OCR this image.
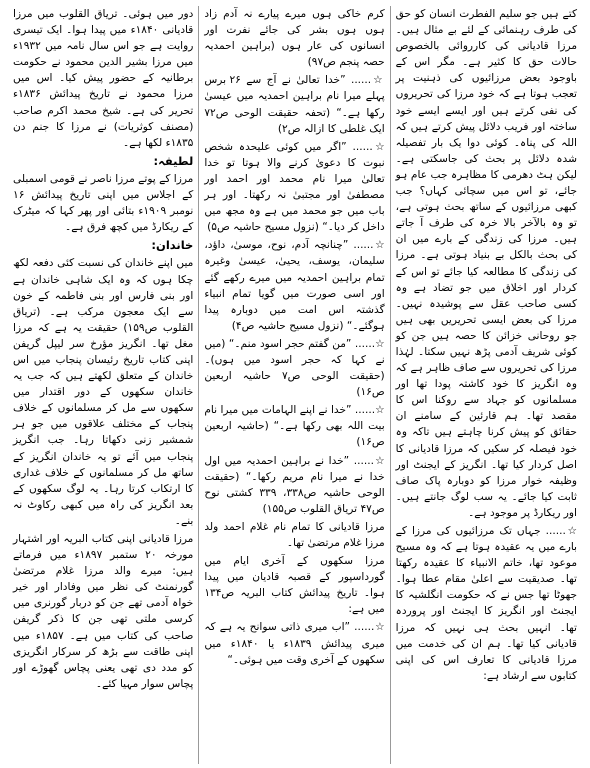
کتے ہیں جو سلیم الفطرت انسان کو حق کی طرف رہنمائی کے لئے بے مثال ہیں۔ مرزا قادیانی کی کارروائی بالخصوص حالات حق کا کثیر ہے۔ مگر اس کے باوجود بعض مرزائیوں کی ذہنیت پر تعجب ہوتا ہے کہ خود مرزا کی تحریروں کی نفی کرتے ہیں اور ایسے ایسے خود ساختہ اور فریب دلائل پیش کرتے ہیں کہ اللہ کی پناہ۔ کوئی دوا یک بار تفصیلہ شدہ دلائل پر بحث کی جاسکتی ہے۔ لیکن ہٹ دھرمی کا مظاہرہ جب عام ہو جائے، تو اس میں سچائی کہاں؟ جب کبھی مرزائیوں کے ساتھ بحث ہوتی ہے، تو وہ بالآخر بالا خرہ کی طرف آ جاتے ہیں۔ مرزا کی زندگی کے بارے میں ان کی بحث بالکل بے بنیاد ہوتی ہے۔ مرزا کی زندگی کا مطالعہ کیا جائے تو اس کے کردار اور اخلاق میں جو تضاد ہے وہ کسی صاحب عقل سے پوشیدہ نہیں۔ مرزا کی بعض ایسی تحریریں بھی ہیں جو روحانی خزائن کا حصہ ہیں جن کو کوئی شریف آدمی پڑھ نہیں سکتا۔ لہٰذا مرزا کی تحریروں سے صاف ظاہر ہے کہ وہ انگریز کا خود کاشتہ پودا تھا اور مسلمانوں کو جہاد سے روکنا اس کا مقصد تھا۔ ہم قارئین کے سامنے ان حقائق کو پیش کرنا چاہتے ہیں تاکہ وہ خود فیصلہ کر سکیں کہ مرزا قادیانی کا اصل کردار کیا تھا۔ انگریز کے ایجنٹ اور وظیفہ خوار مرزا کو دوبارہ پاک صاف ثابت کیا جائے۔ یہ سب لوگ جانتے ہیں۔ اور ریکارڈ پر موجود ہے۔
☆...... جہاں تک مرزائیوں کی مرزا کے بارے میں یہ عقیدہ ہوتا ہے کہ وہ مسیح موعود تھا، خاتم الانبیاء کا عقیدہ رکھتا تھا۔ صدیقیت سے اعلیٰ مقام عطا ہوا۔ جھوٹا تھا جس نے کہ حکومت انگلشیہ کا ایجنٹ اور انگریز کا ایجنٹ اور پروردہ تھا۔ انہیں بحث ہی نہیں کہ مرزا قادیانی کیا تھا۔ ہم ان کی خدمت میں مرزا قادیانی کا تعارف اس کی اپنی کتابوں سے ارشاد ہے:
کرم خاکی ہوں میرے پیارے نہ آدم زاد ہوں ہوں بشر کی جائے نفرت اور انسانوں کی عار ہوں (براہین احمدیہ حصہ پنجم ص۹۷)
☆...... ”خدا تعالیٰ نے آج سے ۲۶ برس پہلے میرا نام براہین احمدیہ میں عیسیٰ رکھا ہے۔“ (تحفہ حقیقت الوحی ص۷۲ ایک غلطی کا ازالہ ص۲)
☆...... ”اگر میں کوئی علیحدہ شخص نبوت کا دعویٰ کرنے والا ہوتا تو خدا تعالیٰ میرا نام محمد اور احمد اور مصطفیٰ اور مجتبیٰ نہ رکھتا۔ اور ہر باب میں جو محمد میں ہے وہ مجھ میں داخل کر دیا۔“ (نزول مسیح حاشیہ ص۵)
☆...... ”چنانچہ آدم، نوح، موسیٰ، داؤد، سلیمان، یوسف، یحییٰ، عیسیٰ وغیرہ تمام براہین احمدیہ میں میرے رکھے گئے اور اسی صورت میں گویا تمام انبیاء گذشتہ اس امت میں دوبارہ پیدا ہوگئے۔“ (نزول مسیح حاشیہ ص۴)
☆...... ”من گفتم حجر اسود منم۔“ (میں نے کہا کہ حجر اسود میں ہوں)۔ (حقیقت الوحی ص۷ حاشیہ اربعین ص۱۶)
☆...... ”خدا نے اپنے الہامات میں میرا نام بیت اللہ بھی رکھا ہے۔“ (حاشیہ اربعین ص۱۶)
☆...... ”خدا نے براہین احمدیہ میں اول خدا نے میرا نام مریم رکھا۔“ (حقیقت الوحی حاشیہ ص۳۳۸، ۳۳۹ کشتی نوح ص۴۷ تریاق القلوب ص۱۵۵)
مرزا قادیانی کا تمام نام غلام احمد ولد مرزا غلام مرتضیٰ تھا۔
مرزا سکھوں کے آخری ایام میں گورداسپور کے قصبہ قادیان میں پیدا ہوا۔ تاریخ پیدائش کتاب البریہ ص۱۳۴ میں ہے:
☆...... ”اب میری ذاتی سوانح یہ ہے کہ میری پیدائش ۱۸۳۹ء یا ۱۸۴۰ء میں سکھوں کے آخری وقت میں ہوئی۔“
دور میں ہوئی۔ تریاق القلوب میں مرزا قادیانی ۱۸۴۰ء میں پیدا ہوا۔ ایک تیسری روایت ہے جو اس سال نامہ میں ۱۹۳۲ء میں مرزا بشیر الدین محمود نے حکومت برطانیہ کے حضور پیش کیا۔ اس میں مرزا محمود نے تاریخ پیدائش ۱۸۳۶ء تحریر کی ہے۔ شیخ محمد اکرم صاحب (مصنف کوثریات) نے مرزا کا جنم دن ۱۸۳۵ء لکھا ہے۔
لطیفہ:
مرزا کے پوتے مرزا ناصر نے قومی اسمبلی کے اجلاس میں اپنی تاریخ پیدائش ۱۶ نومبر ۱۹۰۹ء بتائی اور پھر کہا کہ میٹرک کے ریکارڈ میں کچھ فرق ہے۔
خاندان:
میں اپنے خاندان کی نسبت کئی دفعہ لکھ چکا ہوں کہ وہ ایک شاہی خاندان ہے اور بنی فارس اور بنی فاطمہ کے خون سے ایک معجون مرکب ہے۔ (تریاق القلوب ص۱۵۹) حقیقت یہ ہے کہ مرزا مغل تھا۔ انگریز مؤرخ سر لیپل گریفن اپنی کتاب تاریخ رئیسان پنجاب میں اس خاندان کے متعلق لکھتے ہیں کہ جب یہ خاندان سکھوں کے دور اقتدار میں سکھوں سے مل کر مسلمانوں کے خلاف پنجاب کے مختلف علاقوں میں جو ہر شمشیر زنی دکھاتا رہا۔ جب انگریز پنجاب میں آئے تو یہ خاندان انگریز کے ساتھ مل کر مسلمانوں کے خلاف غداری کا ارتکاب کرتا رہا۔ یہ لوگ سکھوں کے بعد انگریز کی راہ میں کبھی رکاوٹ نہ بنے۔
مرزا قادیانی اپنی کتاب البریہ اور اشتہار مورخہ ۲۰ ستمبر ۱۸۹۷ء میں فرماتے ہیں: میرے والد مرزا غلام مرتضیٰ گورنمنٹ کی نظر میں وفادار اور خیر خواہ آدمی تھے جن کو دربار گورنری میں کرسی ملتی تھی جن کا ذکر گریفن صاحب کی کتاب میں ہے۔ ۱۸۵۷ء میں اپنی طاقت سے بڑھ کر سرکار انگریزی کو مدد دی تھی یعنی پچاس گھوڑے اور پچاس سوار مہیا کئے۔
